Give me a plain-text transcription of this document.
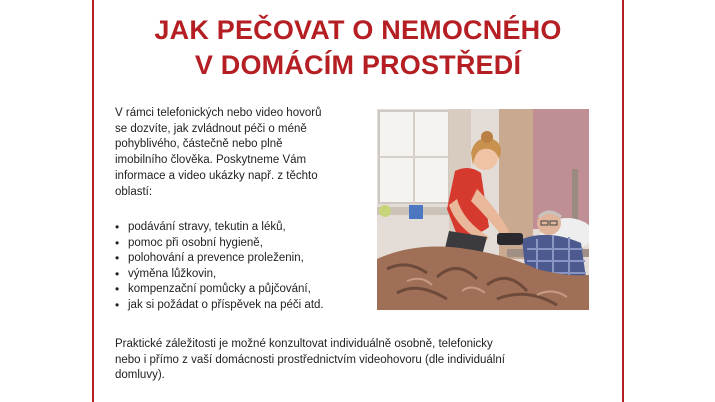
JAK PEČOVAT O NEMOCNÉHO
V DOMÁCÍM PROSTŘEDÍ
V rámci telefonických nebo video hovorů
se dozvíte, jak zvládnout péči o méně
pohyblivého, částečně nebo plně
imobilního člověka. Poskytneme Vám
informace a video ukázky např. z těchto
oblastí:
• podávání stravy, tekutin a léků,
• pomoc při osobní hygieně,
• polohování a prevence proleženin,
• výměna lůžkovin,
• kompenzační pomůcky a půjčování,
• jak si požádat o příspěvek na péči atd.
Praktické záležitosti je možné konzultovat individuálně osobně, telefonicky
nebo i přímo z vaší domácnosti prostřednictvím videohovoru (dle individuální
domluvy).
